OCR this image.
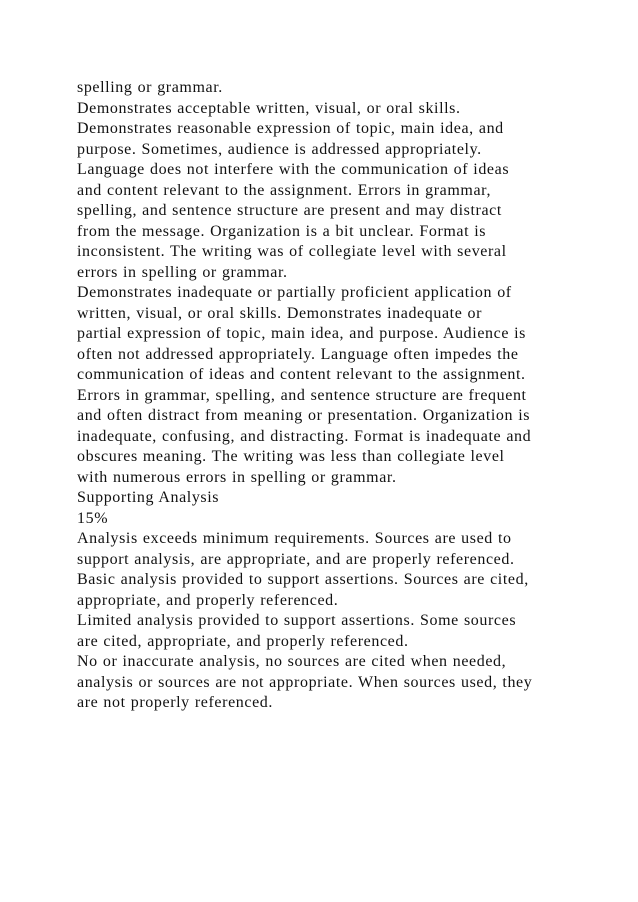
spelling or grammar.
Demonstrates acceptable written, visual, or oral skills.
Demonstrates reasonable expression of topic, main idea, and
purpose. Sometimes, audience is addressed appropriately.
Language does not interfere with the communication of ideas
and content relevant to the assignment. Errors in grammar,
spelling, and sentence structure are present and may distract
from the message. Organization is a bit unclear. Format is
inconsistent. The writing was of collegiate level with several
errors in spelling or grammar.
Demonstrates inadequate or partially proficient application of
written, visual, or oral skills. Demonstrates inadequate or
partial expression of topic, main idea, and purpose. Audience is
often not addressed appropriately. Language often impedes the
communication of ideas and content relevant to the assignment.
Errors in grammar, spelling, and sentence structure are frequent
and often distract from meaning or presentation. Organization is
inadequate, confusing, and distracting. Format is inadequate and
obscures meaning. The writing was less than collegiate level
with numerous errors in spelling or grammar.
Supporting Analysis
15%
Analysis exceeds minimum requirements. Sources are used to
support analysis, are appropriate, and are properly referenced.
Basic analysis provided to support assertions. Sources are cited,
appropriate, and properly referenced.
Limited analysis provided to support assertions. Some sources
are cited, appropriate, and properly referenced.
No or inaccurate analysis, no sources are cited when needed,
analysis or sources are not appropriate. When sources used, they
are not properly referenced.
